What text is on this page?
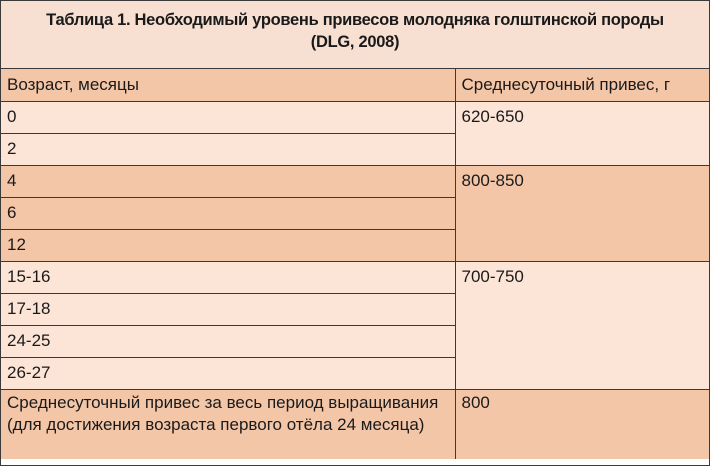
Таблица 1. Необходимый уровень привесов молодняка голштинской породы
(DLG, 2008)
Возраст, месяцы	Среднесуточный привес, г
0	620-650
2	
4	800-850
6	
12	
15-16	700-750
17-18	
24-25	
26-27	
Среднесуточный привес за весь период выращивания (для достижения возраста первого отёла 24 месяца)	800
